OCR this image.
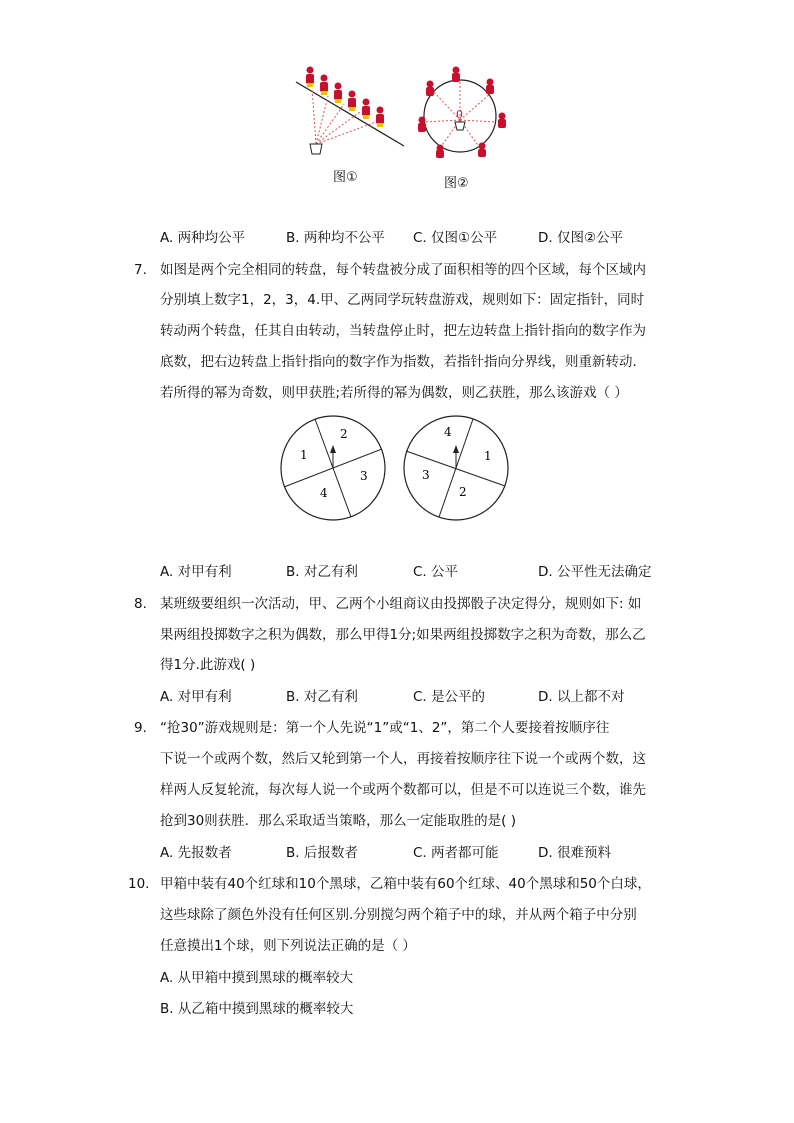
0
图①	图②
A. 两种均公平	B. 两种均不公平 C. 仅图①公平	D. 仅图②公平
7. 如图是两个完全相同的转盘，每个转盘被分成了面积相等的四个区域，每个区域内
分别填上数字1，2，3，4.甲、乙两同学玩转盘游戏，规则如下：固定指针，同时
转动两个转盘，任其自由转动，当转盘停止时，把左边转盘上指针指向的数字作为
底数，把右边转盘上指针指向的数字作为指数，若指针指向分界线，则重新转动.
若所得的幂为奇数，则甲获胜;若所得的幂为偶数，则乙获胜，那么该游戏（ ）
1
2
3
4
4
1
3
2
A. 对甲有利	B. 对乙有利	C. 公平	D. 公平性无法确定
8. 某班级要组织一次活动，甲、乙两个小组商议由投掷骰子决定得分，规则如下: 如
果两组投掷数字之积为偶数，那么甲得1分;如果两组投掷数字之积为奇数，那么乙
得1分.此游戏( )
A. 对甲有利	B. 对乙有利	C. 是公平的	D. 以上都不对
9. “抢30”游戏规则是：第一个人先说“1”或“1、2”，第二个人要接着按顺序往
下说一个或两个数，然后又轮到第一个人，再接着按顺序往下说一个或两个数，这
样两人反复轮流，每次每人说一个或两个数都可以，但是不可以连说三个数，谁先
抢到30则获胜．那么采取适当策略，那么一定能取胜的是( )
A. 先报数者	B. 后报数者	C. 两者都可能	D. 很难预料
10. 甲箱中装有40个红球和10个黑球，乙箱中装有60个红球、40个黑球和50个白球，
这些球除了颜色外没有任何区别.分别搅匀两个箱子中的球，并从两个箱子中分别
任意摸出1个球，则下列说法正确的是（ ）
A. 从甲箱中摸到黑球的概率较大
B. 从乙箱中摸到黑球的概率较大
